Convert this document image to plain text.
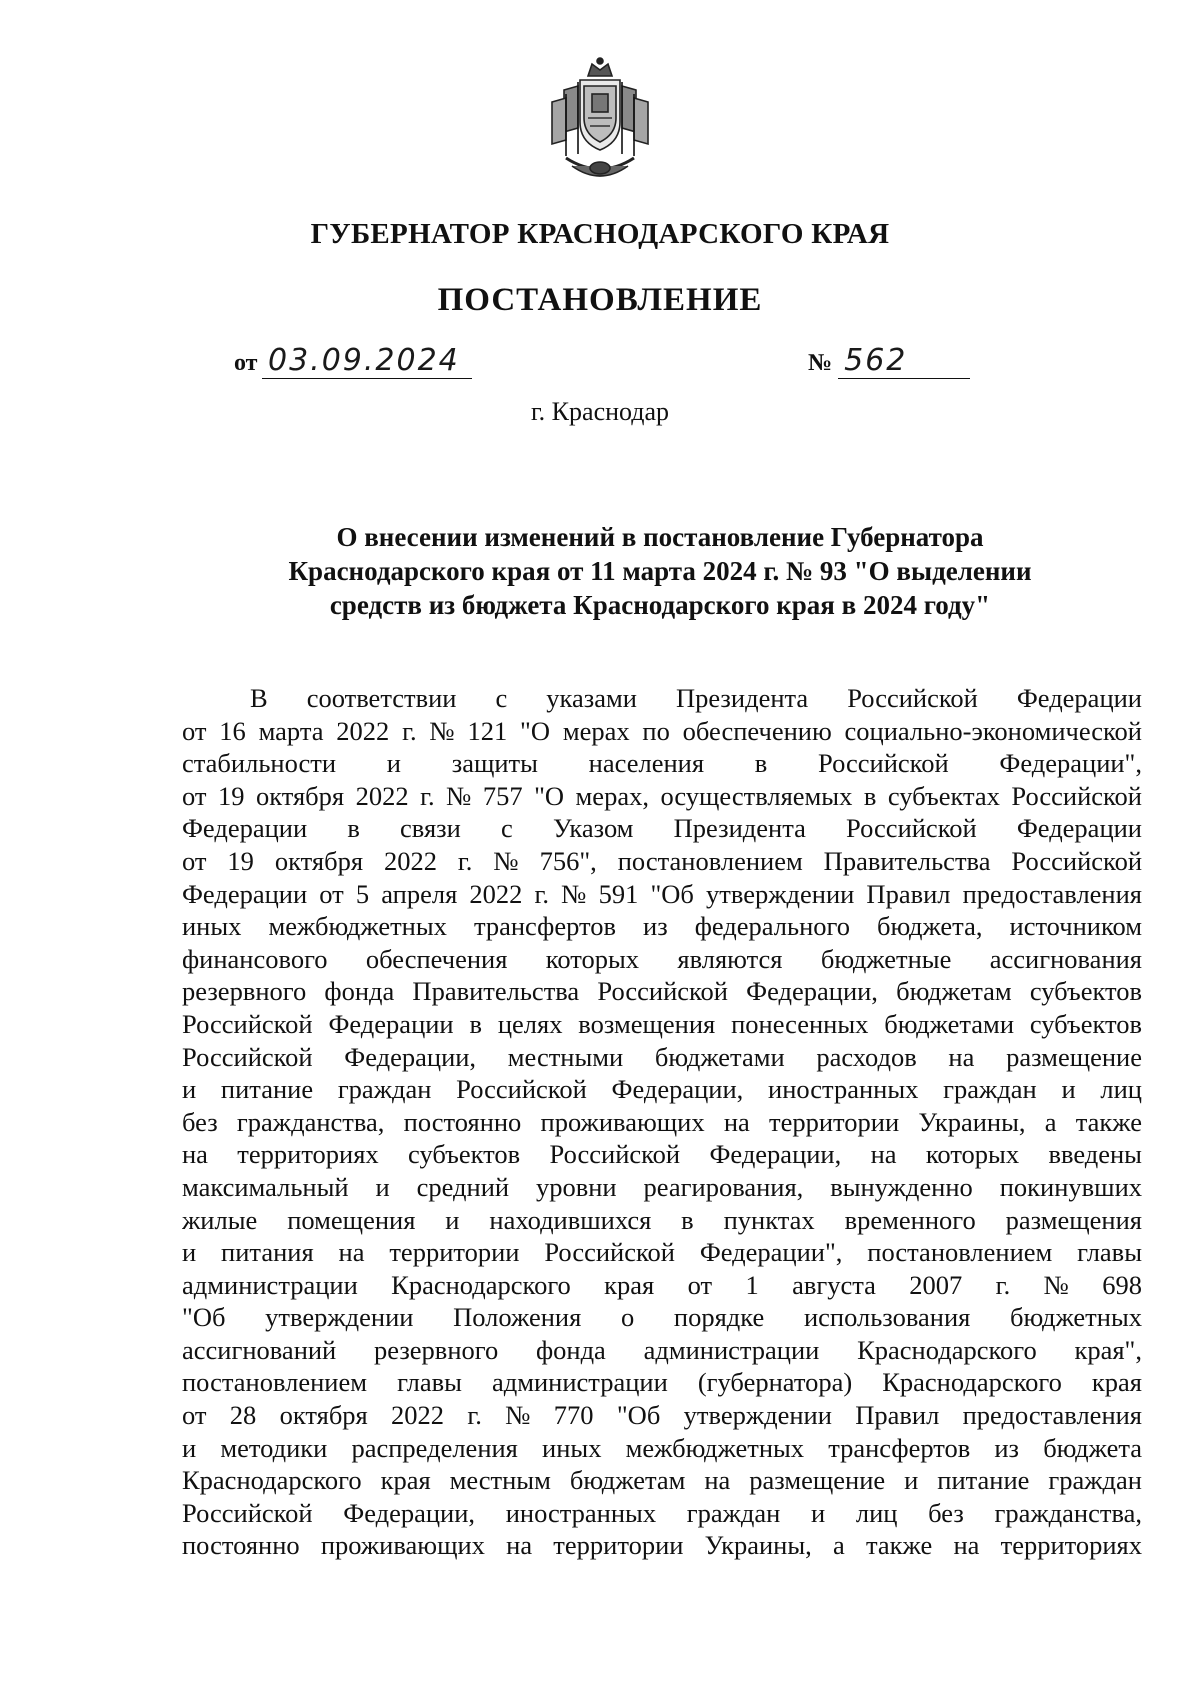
ГУБЕРНАТОР КРАСНОДАРСКОГО КРАЯ
ПОСТАНОВЛЕНИЕ
от 03.09.2024	№ 562
г. Краснодар
О внесении изменений в постановление Губернатора
Краснодарского края от 11 марта 2024 г. № 93 "О выделении
средств из бюджета Краснодарского края в 2024 году"
В соответствии с указами Президента Российской Федерации
от 16 марта 2022 г. № 121 "О мерах по обеспечению социально-экономической
стабильности и защиты населения в Российской Федерации",
от 19 октября 2022 г. № 757 "О мерах, осуществляемых в субъектах Российской
Федерации в связи с Указом Президента Российской Федерации
от 19 октября 2022 г. № 756", постановлением Правительства Российской
Федерации от 5 апреля 2022 г. № 591 "Об утверждении Правил предоставления
иных межбюджетных трансфертов из федерального бюджета, источником
финансового обеспечения которых являются бюджетные ассигнования
резервного фонда Правительства Российской Федерации, бюджетам субъектов
Российской Федерации в целях возмещения понесенных бюджетами субъектов
Российской Федерации, местными бюджетами расходов на размещение
и питание граждан Российской Федерации, иностранных граждан и лиц
без гражданства, постоянно проживающих на территории Украины, а также
на территориях субъектов Российской Федерации, на которых введены
максимальный и средний уровни реагирования, вынужденно покинувших
жилые помещения и находившихся в пунктах временного размещения
и питания на территории Российской Федерации", постановлением главы
администрации Краснодарского края от 1 августа 2007 г. № 698
"Об утверждении Положения о порядке использования бюджетных
ассигнований резервного фонда администрации Краснодарского края",
постановлением главы администрации (губернатора) Краснодарского края
от 28 октября 2022 г. № 770 "Об утверждении Правил предоставления
и методики распределения иных межбюджетных трансфертов из бюджета
Краснодарского края местным бюджетам на размещение и питание граждан
Российской Федерации, иностранных граждан и лиц без гражданства,
постоянно проживающих на территории Украины, а также на территориях
